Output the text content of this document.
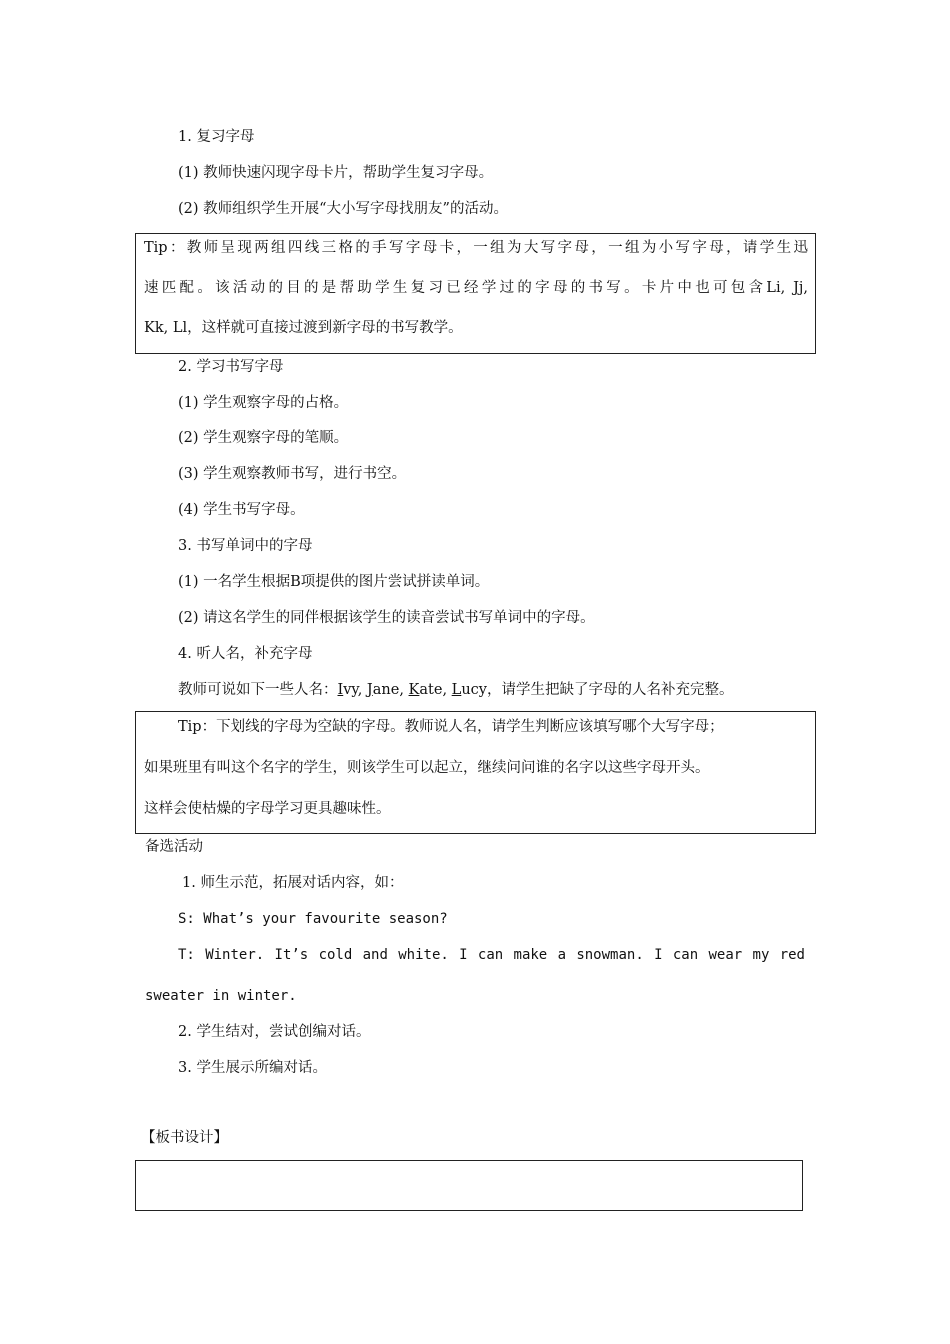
1. 复习字母
(1) 教师快速闪现字母卡片，帮助学生复习字母。
(2) 教师组织学生开展“大小写字母找朋友”的活动。
Tip：教师呈现两组四线三格的手写字母卡，一组为大写字母，一组为小写字母，请学生迅
速匹配。该活动的目的是帮助学生复习已经学过的字母的书写。卡片中也可包含Li, Jj,
Kk, Ll，这样就可直接过渡到新字母的书写教学。
2. 学习书写字母
(1) 学生观察字母的占格。
(2) 学生观察字母的笔顺。
(3) 学生观察教师书写，进行书空。
(4) 学生书写字母。
3. 书写单词中的字母
(1) 一名学生根据B项提供的图片尝试拼读单词。
(2) 请这名学生的同伴根据该学生的读音尝试书写单词中的字母。
4. 听人名，补充字母
教师可说如下一些人名：Ivy, Jane, Kate, Lucy，请学生把缺了字母的人名补充完整。
Tip：下划线的字母为空缺的字母。教师说人名，请学生判断应该填写哪个大写字母；
如果班里有叫这个名字的学生，则该学生可以起立，继续问问谁的名字以这些字母开头。
这样会使枯燥的字母学习更具趣味性。
备选活动
1. 师生示范，拓展对话内容，如：
S: What’s your favourite season?
T: Winter. It’s cold and white. I can make a snowman. I can wear my red
sweater in winter.
2. 学生结对，尝试创编对话。
3. 学生展示所编对话。
【板书设计】
